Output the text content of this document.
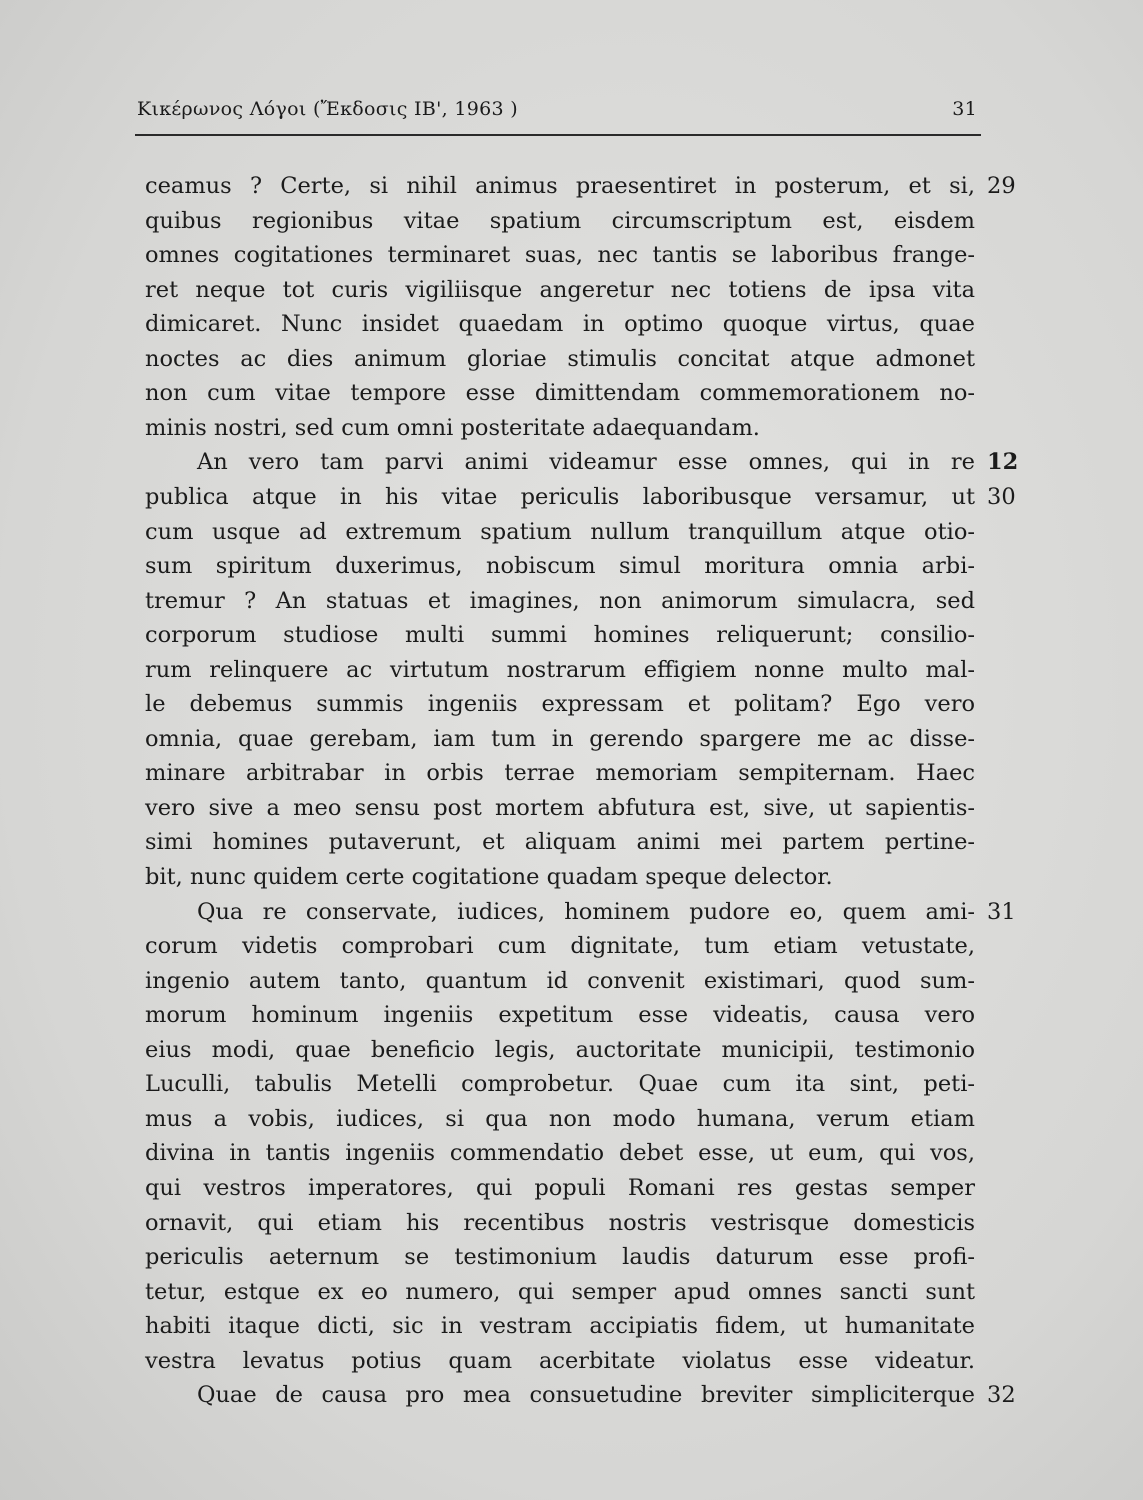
Κικέρωνος Λόγοι (Ἔκδοσις ΙΒ', 1963 )	31
ceamus ? Certe, si nihil animus praesentiret in posterum, et si, 29
quibus regionibus vitae spatium circumscriptum est, eisdem
omnes cogitationes terminaret suas, nec tantis se laboribus frange-
ret neque tot curis vigiliisque angeretur nec totiens de ipsa vita
dimicaret. Nunc insidet quaedam in optimo quoque virtus, quae
noctes ac dies animum gloriae stimulis concitat atque admonet
non cum vitae tempore esse dimittendam commemorationem no-
minis nostri, sed cum omni posteritate adaequandam.
An vero tam parvi animi videamur esse omnes, qui in re 12
publica atque in his vitae periculis laboribusque versamur, ut 30
cum usque ad extremum spatium nullum tranquillum atque otio-
sum spiritum duxerimus, nobiscum simul moritura omnia arbi-
tremur ? An statuas et imagines, non animorum simulacra, sed
corporum studiose multi summi homines reliquerunt; consilio-
rum relinquere ac virtutum nostrarum effigiem nonne multo mal-
le debemus summis ingeniis expressam et politam? Ego vero
omnia, quae gerebam, iam tum in gerendo spargere me ac disse-
minare arbitrabar in orbis terrae memoriam sempiternam. Haec
vero sive a meo sensu post mortem abfutura est, sive, ut sapientis-
simi homines putaverunt, et aliquam animi mei partem pertine-
bit, nunc quidem certe cogitatione quadam speque delector.
Qua re conservate, iudices, hominem pudore eo, quem ami- 31
corum videtis comprobari cum dignitate, tum etiam vetustate,
ingenio autem tanto, quantum id convenit existimari, quod sum-
morum hominum ingeniis expetitum esse videatis, causa vero
eius modi, quae beneficio legis, auctoritate municipii, testimonio
Luculli, tabulis Metelli comprobetur. Quae cum ita sint, peti-
mus a vobis, iudices, si qua non modo humana, verum etiam
divina in tantis ingeniis commendatio debet esse, ut eum, qui vos,
qui vestros imperatores, qui populi Romani res gestas semper
ornavit, qui etiam his recentibus nostris vestrisque domesticis
periculis aeternum se testimonium laudis daturum esse profi-
tetur, estque ex eo numero, qui semper apud omnes sancti sunt
habiti itaque dicti, sic in vestram accipiatis fidem, ut humanitate
vestra levatus potius quam acerbitate violatus esse videatur.
Quae de causa pro mea consuetudine breviter simpliciterque 32
